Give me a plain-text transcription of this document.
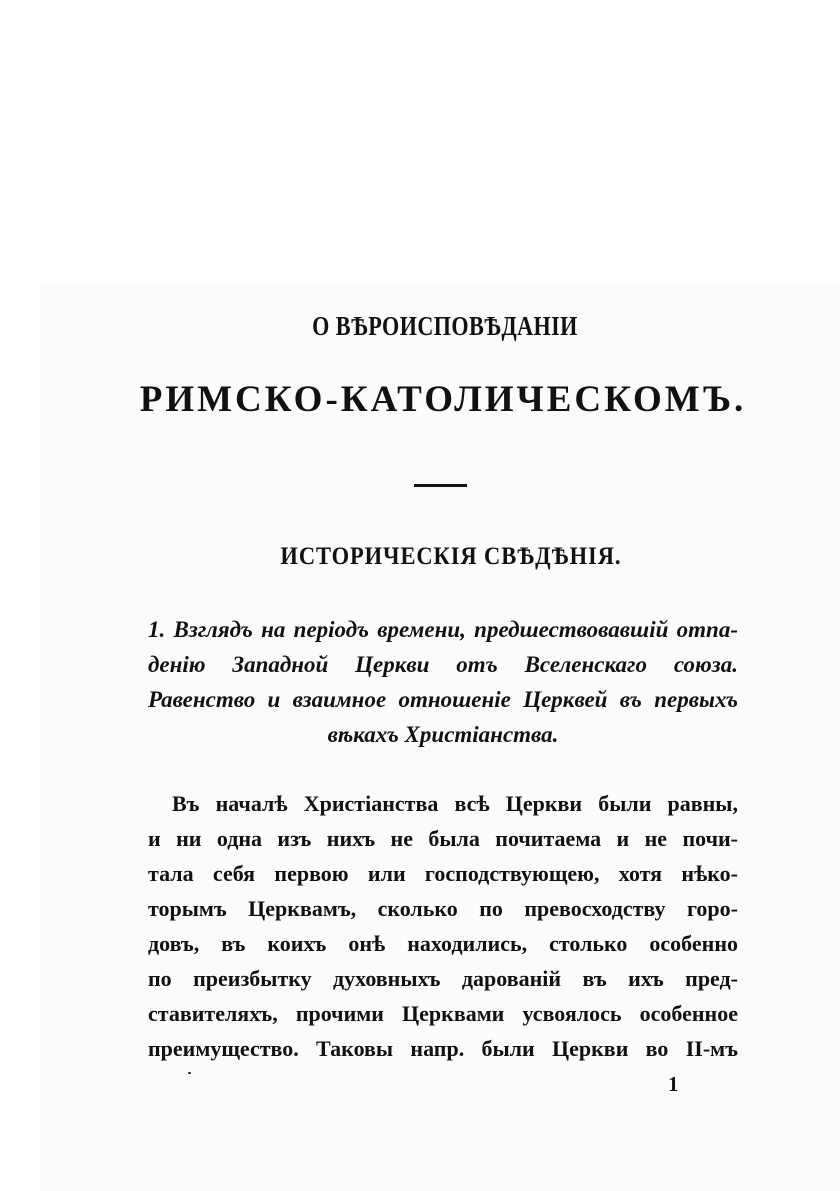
О ВѢРОИСПОВѢДАНІИ
РИМСКО-КАТОЛИЧЕСКОМЪ.
ИСТОРИЧЕСКІЯ СВѢДѢНІЯ.
1. Взглядъ на періодъ времени, предшествовавшій отпа-
денію Западной Церкви отъ Вселенскаго союза.
Равенство и взаимное отношеніе Церквей въ первыхъ
вѣкахъ Христіанства.
Въ началѣ Христіанства всѣ Церкви были равны,
и ни одна изъ нихъ не была почитаема и не почи-
тала себя первою или господствующею, хотя нѣко-
торымъ Церквамъ, сколько по превосходству горо-
довъ, въ коихъ онѣ находились, столько особенно
по преизбытку духовныхъ дарованій въ ихъ пред-
ставителяхъ, прочими Церквами усвоялось особенное
преимущество. Таковы напр. были Церкви во II-мъ
1
